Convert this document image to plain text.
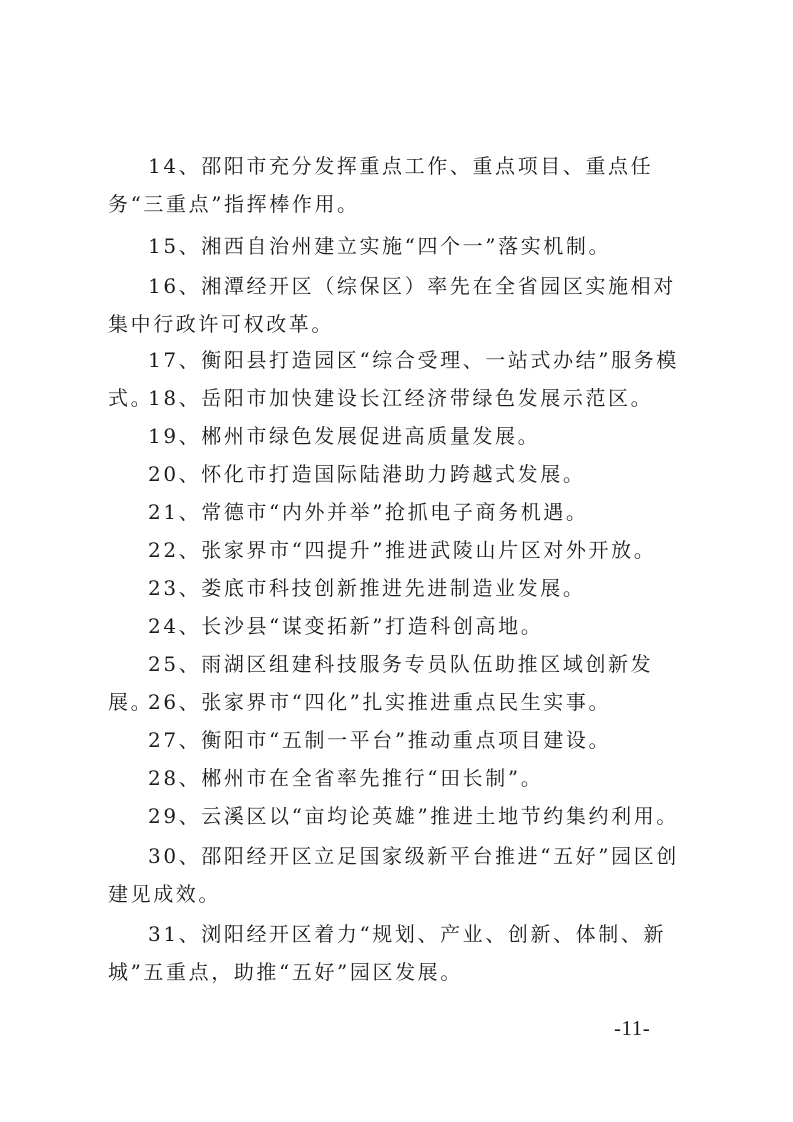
14、邵阳市充分发挥重点工作、重点项目、重点任务“三重点”指挥棒作用。

15、湘西自治州建立实施“四个一”落实机制。

16、湘潭经开区（综保区）率先在全省园区实施相对集中行政许可权改革。

17、衡阳县打造园区“综合受理、一站式办结”服务模式。

18、岳阳市加快建设长江经济带绿色发展示范区。

19、郴州市绿色发展促进高质量发展。

20、怀化市打造国际陆港助力跨越式发展。

21、常德市“内外并举”抢抓电子商务机遇。

22、张家界市“四提升”推进武陵山片区对外开放。

23、娄底市科技创新推进先进制造业发展。

24、长沙县“谋变拓新”打造科创高地。

25、雨湖区组建科技服务专员队伍助推区域创新发展。

26、张家界市“四化”扎实推进重点民生实事。

27、衡阳市“五制一平台”推动重点项目建设。

28、郴州市在全省率先推行“田长制”。

29、云溪区以“亩均论英雄”推进土地节约集约利用。

30、邵阳经开区立足国家级新平台推进“五好”园区创建见成效。

31、浏阳经开区着力“规划、产业、创新、体制、新城”五重点，助推“五好”园区发展。

-11-
